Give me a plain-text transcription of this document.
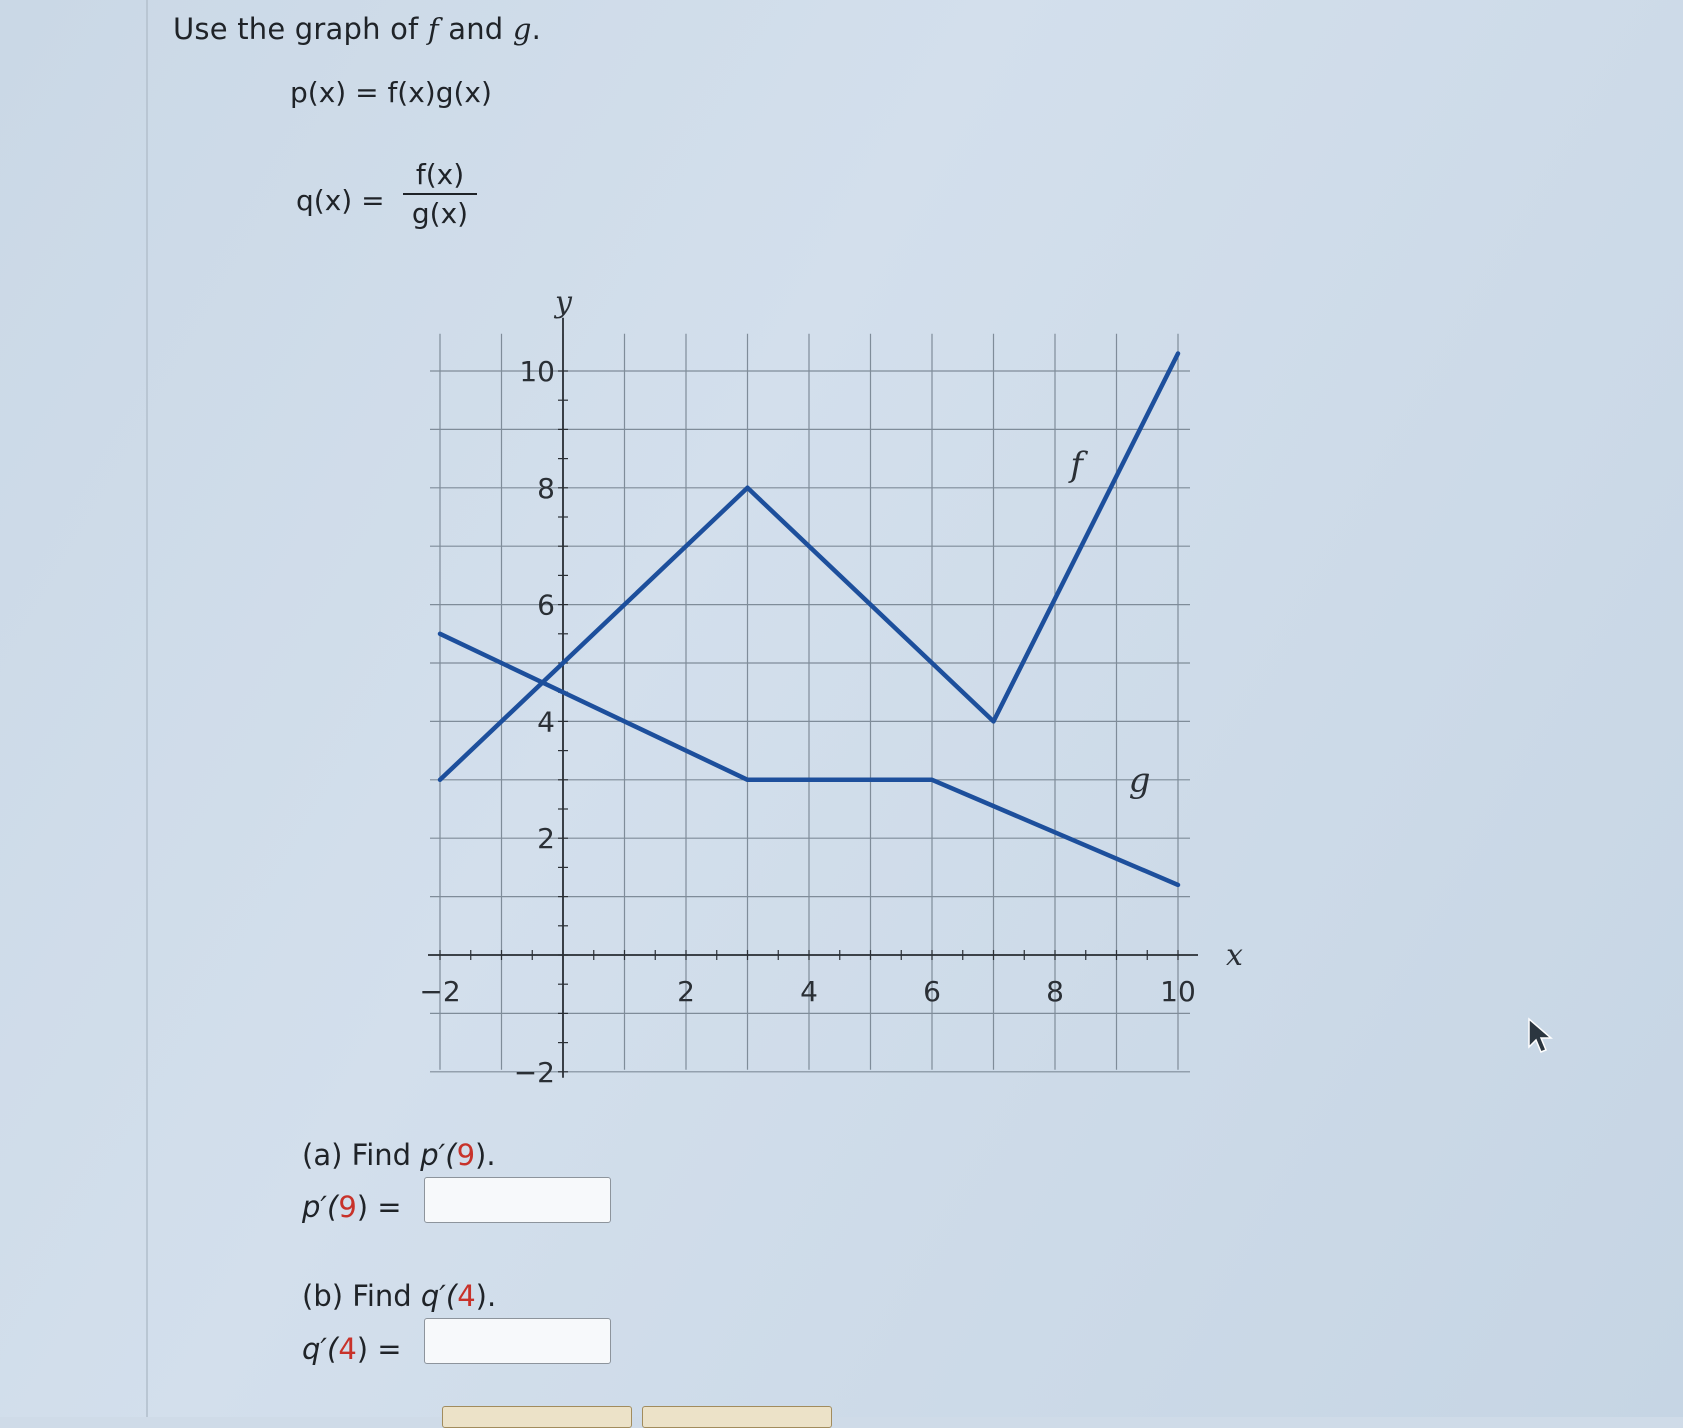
Use the graph of f and g.
p(x) = f(x)g(x)
q(x) =
f(x)
g(x)
−2	2	4	6	8	10
−2
2
4
6
8
10
x
y
f
g
(a) Find p′(9).
p′(9) =
(b) Find q′(4).
q′(4) =
